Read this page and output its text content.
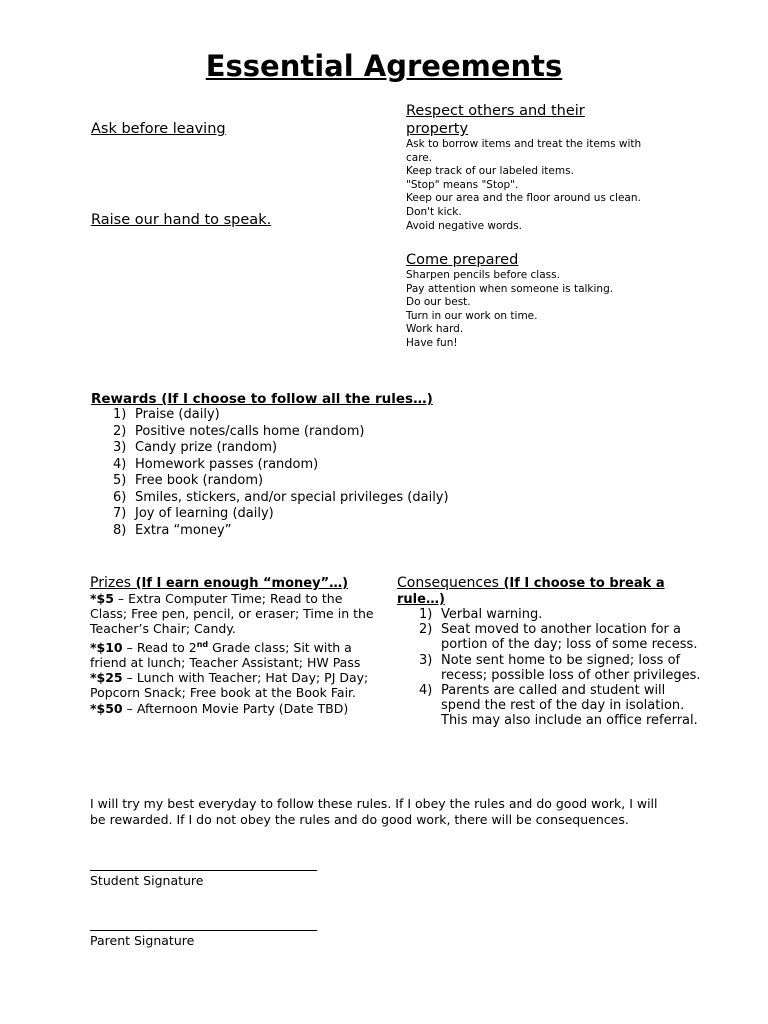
Essential Agreements
Ask before leaving
Raise our hand to speak.
Respect others and their
property
Ask to borrow items and treat the items with
care.
Keep track of our labeled items.
"Stop" means "Stop".
Keep our area and the floor around us clean.
Don't kick.
Avoid negative words.
Come prepared
Sharpen pencils before class.
Pay attention when someone is talking.
Do our best.
Turn in our work on time.
Work hard.
Have fun!
Rewards (If I choose to follow all the rules…)
1) Praise (daily)
2) Positive notes/calls home (random)
3) Candy prize (random)
4) Homework passes (random)
5) Free book (random)
6) Smiles, stickers, and/or special privileges (daily)
7) Joy of learning (daily)
8) Extra “money”
Prizes (If I earn enough “money”…)
*$5 – Extra Computer Time; Read to the
Class; Free pen, pencil, or eraser; Time in the
Teacher’s Chair; Candy.
*$10 – Read to 2nd Grade class; Sit with a
friend at lunch; Teacher Assistant; HW Pass
*$25 – Lunch with Teacher; Hat Day; PJ Day;
Popcorn Snack; Free book at the Book Fair.
*$50 – Afternoon Movie Party (Date TBD)
Consequences (If I choose to break a
rule…)
1) Verbal warning.
2) Seat moved to another location for a
portion of the day; loss of some recess.
3) Note sent home to be signed; loss of
recess; possible loss of other privileges.
4) Parents are called and student will
spend the rest of the day in isolation.
This may also include an office referral.
I will try my best everyday to follow these rules. If I obey the rules and do good work, I will
be rewarded. If I do not obey the rules and do good work, there will be consequences.
Student Signature
Parent Signature
